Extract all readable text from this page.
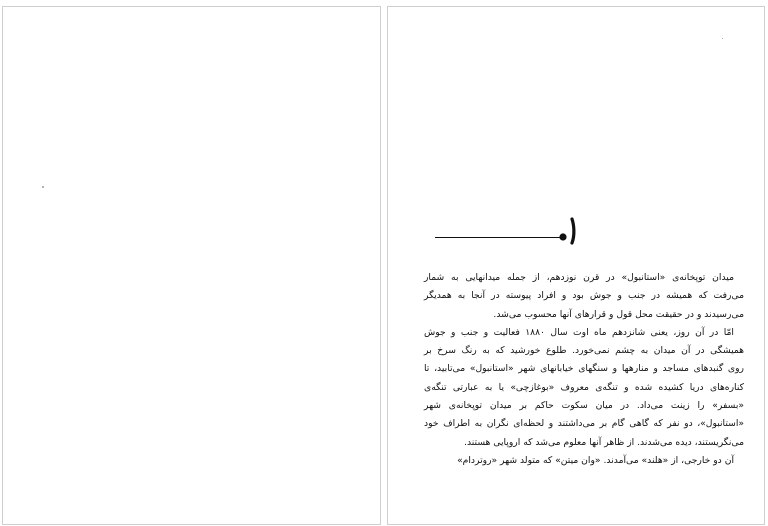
میدان توپخانه‌ی «استانبول» در قرن نوزدهم، از جمله میدانهایی به شمار
می‌رفت که همیشه در جنب و جوش بود و افراد پیوسته در آنجا به همدیگر
می‌رسیدند و در حقیقت محل قول و قرارهای آنها محسوب می‌شد.
امّا در آن روز، یعنی شانزدهم ماه اوت سال ۱۸۸۰ فعالیت و جنب و جوش
همیشگی در آن میدان به چشم نمی‌خورد. طلوع خورشید که به رنگ سرخ بر
روی گنبدهای مساجد و منارهها و سنگهای خیابانهای شهر «استانبول» می‌تابید، تا
کناره‌های دریا کشیده شده و تنگه‌ی معروف «بوغازچی» یا به عبارتی تنگه‌ی
«بسفر» را زینت می‌داد. در میان سکوت حاکم بر میدان توپخانه‌ی شهر
«استانبول»، دو نفر که گاهی گام بر می‌داشتند و لحظه‌ای نگران به اطراف خود
می‌نگریستند، دیده می‌شدند. از ظاهر آنها معلوم می‌شد که اروپایی هستند.
آن دو خارجی، از «هلند» می‌آمدند. «وان میتن» که متولد شهر «روتردام»
